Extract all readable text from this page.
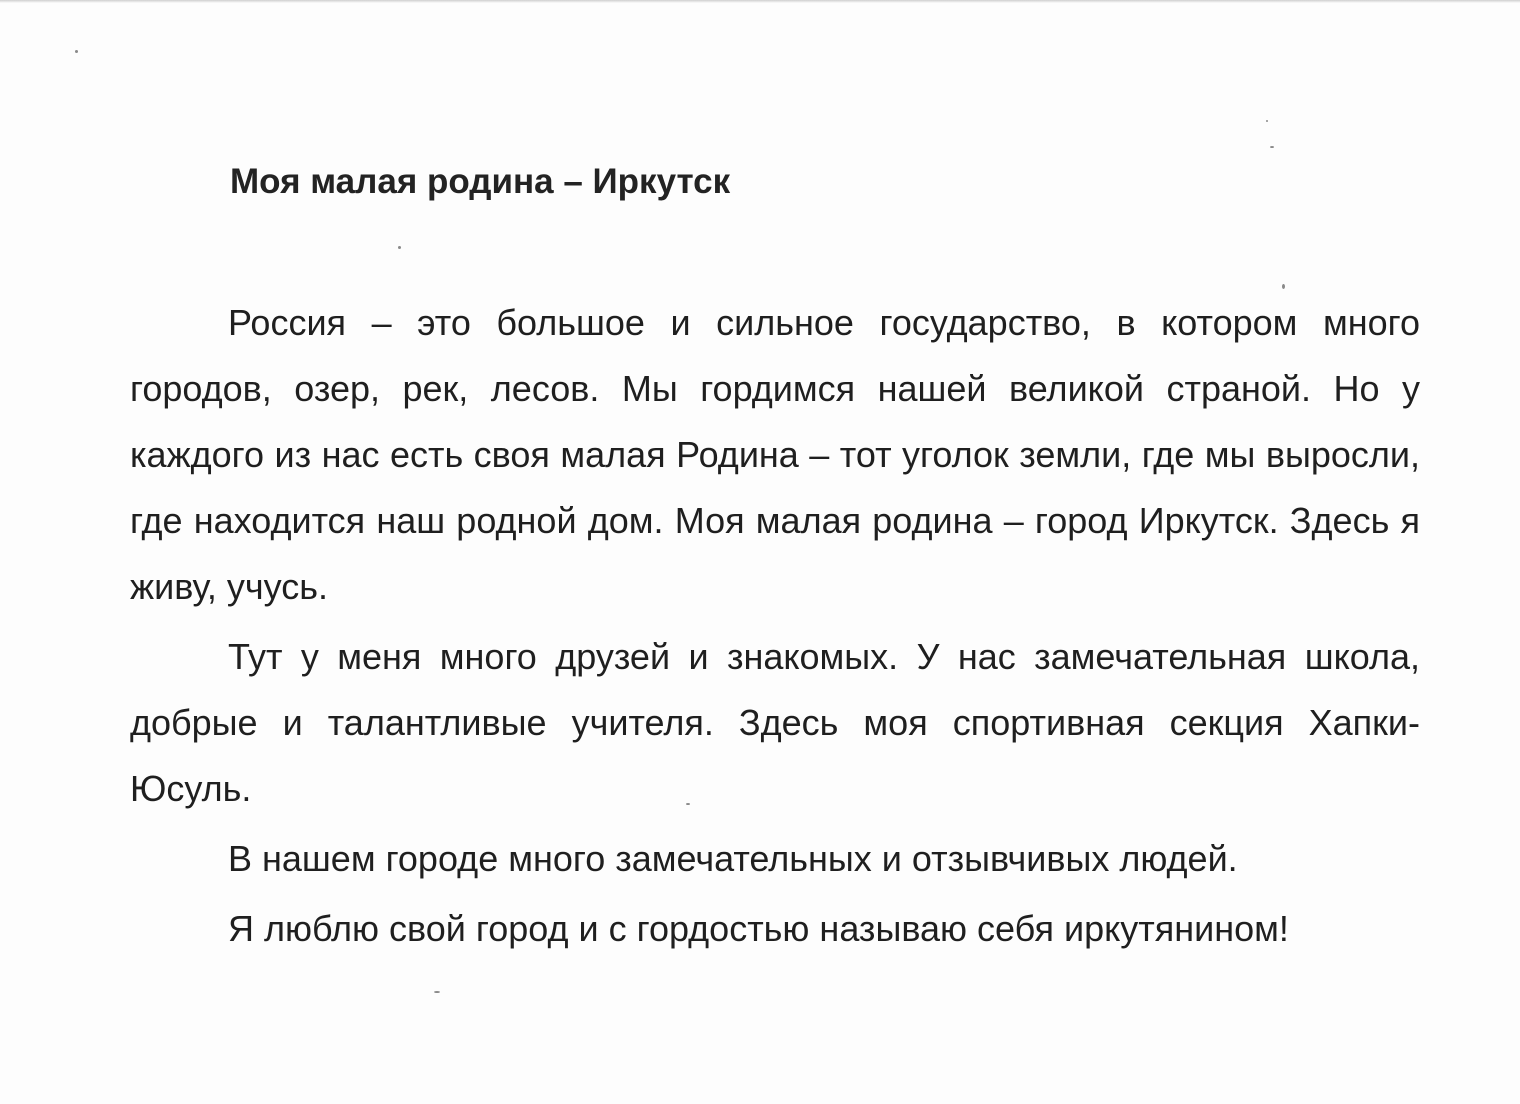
Моя малая родина – Иркутск

Россия – это большое и сильное государство, в котором много городов, озер, рек, лесов. Мы гордимся нашей великой страной. Но у каждого из нас есть своя малая Родина – тот уголок земли, где мы выросли, где находится наш родной дом. Моя малая родина – город Иркутск. Здесь я живу, учусь.

Тут у меня много друзей и знакомых. У нас замечательная школа, добрые и талантливые учителя. Здесь моя спортивная секция Хапки-Юсуль.

В нашем городе много замечательных и отзывчивых людей.

Я люблю свой город и с гордостью называю себя иркутянином!
